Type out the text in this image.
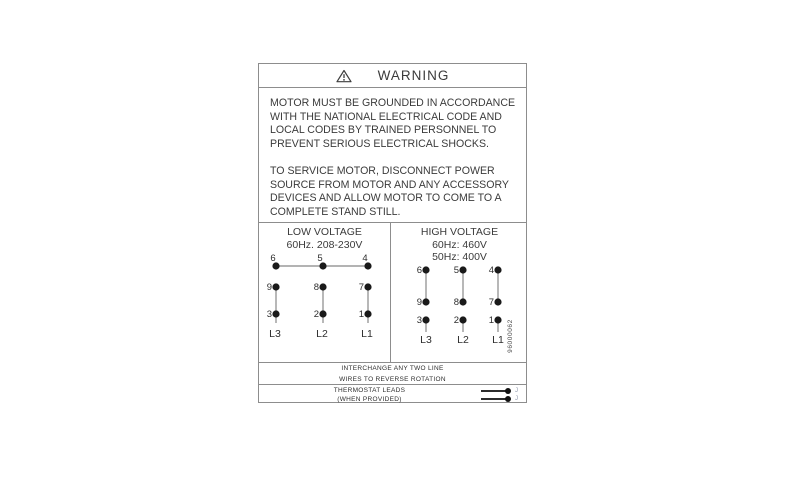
WARNING
MOTOR MUST BE GROUNDED IN ACCORDANCE
WITH THE NATIONAL ELECTRICAL CODE AND
LOCAL CODES BY TRAINED PERSONNEL TO
PREVENT SERIOUS ELECTRICAL SHOCKS.
TO SERVICE MOTOR, DISCONNECT POWER
SOURCE FROM MOTOR AND ANY ACCESSORY
DEVICES AND ALLOW MOTOR TO COME TO A
COMPLETE STAND STILL.
LOW VOLTAGE
60Hz. 208-230V
6	5	4
9	8	7
3	2	1
L3	L2	L1
HIGH VOLTAGE
60Hz: 460V
50Hz: 400V
6	5	4
9	8	7
3	2	1
L3 L2 L1 96000062
INTERCHANGE ANY TWO LINE
WIRES TO REVERSE ROTATION
THERMOSTAT LEADS
(WHEN PROVIDED)
J
J
